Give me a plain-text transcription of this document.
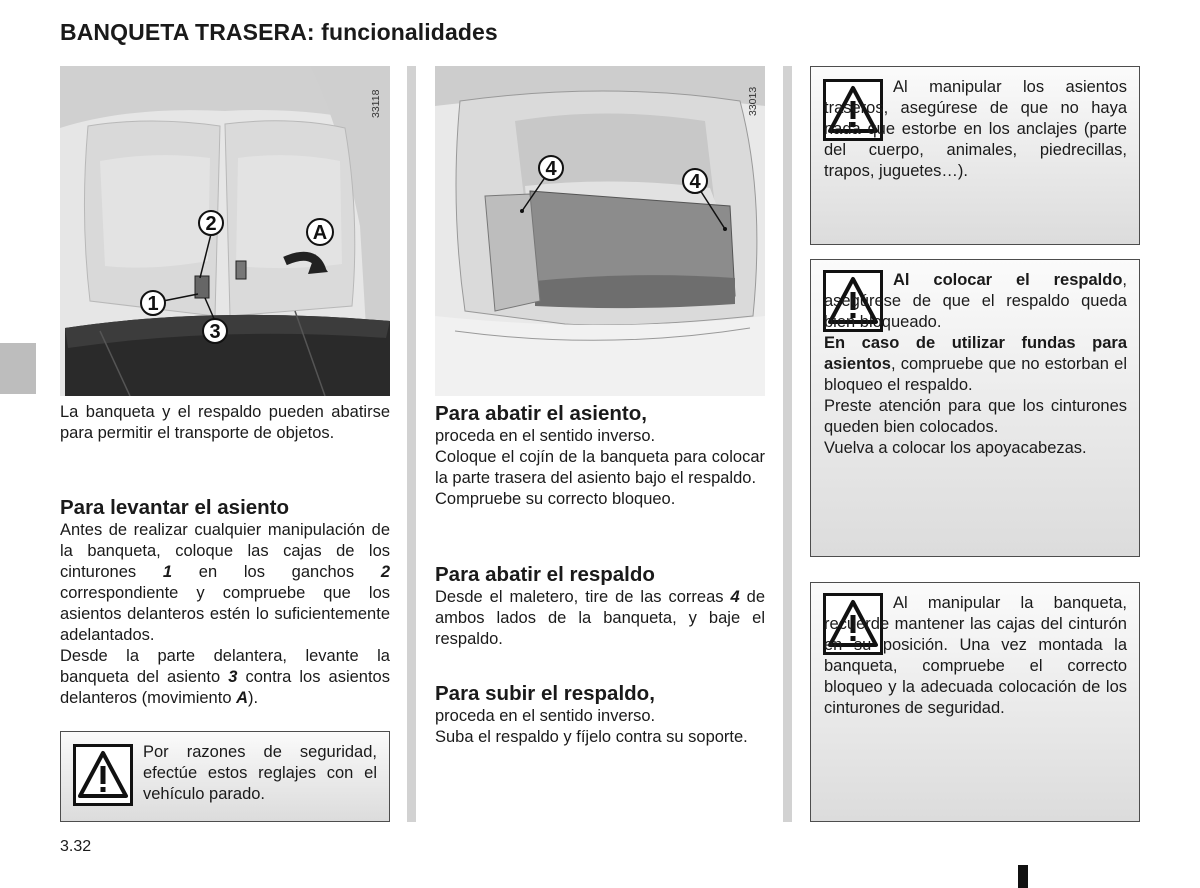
BANQUETA TRASERA: funcionalidades
1
2
3
A
33118
4
4
33013
La banqueta y el respaldo pueden abatirse para permitir el transporte de objetos.

Para levantar el asiento

Antes de realizar cualquier manipulación de la banqueta, coloque las cajas de los cinturones 1 en los ganchos 2 correspondiente y compruebe que los asientos delanteros estén lo suficientemente adelantados.
Desde la parte delantera, levante la banqueta del asiento 3 contra los asientos delanteros (movimiento A).
Por razones de seguridad, efectúe estos reglajes con el vehículo parado.

Para abatir el asiento,

proceda en el sentido inverso.
Coloque el cojín de la banqueta para colocar la parte trasera del asiento bajo el respaldo.
Compruebe su correcto bloqueo.

Para abatir el respaldo

Desde el maletero, tire de las correas 4 de ambos lados de la banqueta, y baje el respaldo.

Para subir el respaldo,

proceda en el sentido inverso.
Suba el respaldo y fíjelo contra su soporte.
Al manipular los asientos traseros, asegúrese de que no haya nada que estorbe en los anclajes (parte del cuerpo, animales, piedrecillas, trapos, juguetes…).

Al colocar el respaldo, asegúrese de que el respaldo queda bien bloqueado.

En caso de utilizar fundas para asientos, compruebe que no estorban el bloqueo el respaldo.

Preste atención para que los cinturones queden bien colocados.

Vuelva a colocar los apoyacabezas.

Al manipular la banqueta, recuerde mantener las cajas del cinturón en su posición. Una vez montada la banqueta, compruebe el correcto bloqueo y la adecuada colocación de los cinturones de seguridad.
3.32
